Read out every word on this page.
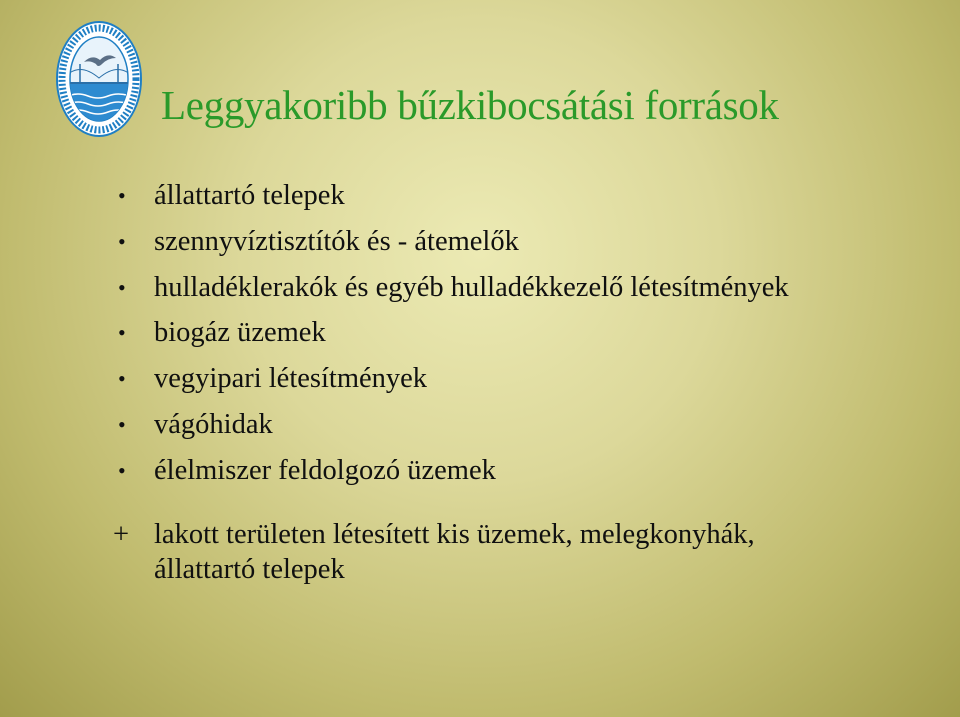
Leggyakoribb bűzkibocsátási források
• állattartó telepek
• szennyvíztisztítók és - átemelők
• hulladéklerakók és egyéb hulladékkezelő létesítmények
• biogáz üzemek
• vegyipari létesítmények
• vágóhidak
• élelmiszer feldolgozó üzemek
+ lakott területen létesített kis üzemek, melegkonyhák,
állattartó telepek
